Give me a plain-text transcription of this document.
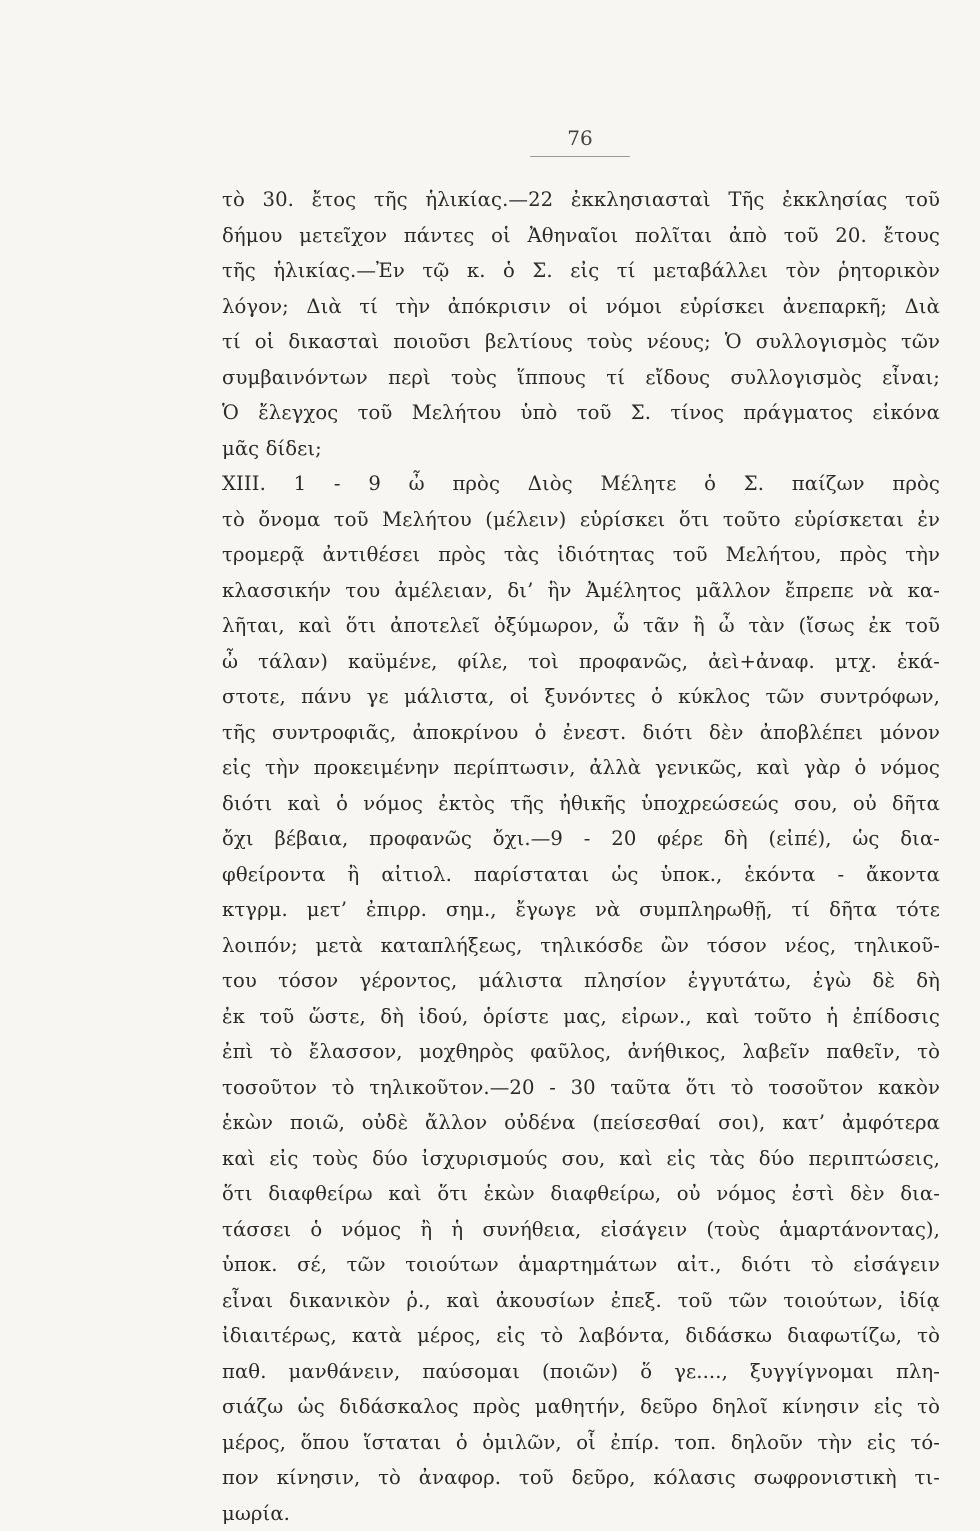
76
τὸ 30. ἔτος τῆς ἡλικίας.—22 ἐκκλησιασταὶ Τῆς ἐκκλησίας τοῦ
δήμου μετεῖχον πάντες οἱ Ἀθηναῖοι πολῖται ἀπὸ τοῦ 20. ἔτους
τῆς ἡλικίας.—Ἐν τῷ κ. ὁ Σ. εἰς τί μεταβάλλει τὸν ῥητορικὸν
λόγον; Διὰ τί τὴν ἀπόκρισιν οἱ νόμοι εὑρίσκει ἀνεπαρκῆ; Διὰ
τί οἱ δικασταὶ ποιοῦσι βελτίους τοὺς νέους; Ὁ συλλογισμὸς τῶν
συμβαινόντων περὶ τοὺς ἵππους τί εἴδους συλλογισμὸς εἶναι;
Ὁ ἔλεγχος τοῦ Μελήτου ὑπὸ τοῦ Σ. τίνος πράγματος εἰκόνα
μᾶς δίδει;
XIII. 1 - 9 ὦ πρὸς Διὸς Μέλητε ὁ Σ. παίζων πρὸς
τὸ ὄνομα τοῦ Μελήτου (μέλειν) εὑρίσκει ὅτι τοῦτο εὑρίσκεται ἐν
τρομερᾷ ἀντιθέσει πρὸς τὰς ἰδιότητας τοῦ Μελήτου, πρὸς τὴν
κλασσικήν του ἀμέλειαν, δι’ ἣν Ἀμέλητος μᾶλλον ἔπρεπε νὰ κα-
λῆται, καὶ ὅτι ἀποτελεῖ ὀξύμωρον, ὦ τᾶν ἢ ὦ τὰν (ἴσως ἐκ τοῦ
ὦ τάλαν) καϋμένε, φίλε, τοὶ προφανῶς, ἀεὶ+ἀναφ. μτχ. ἑκά-
στοτε, πάνυ γε μάλιστα, οἱ ξυνόντες ὁ κύκλος τῶν συντρόφων,
τῆς συντροφιᾶς, ἀποκρίνου ὁ ἐνεστ. διότι δὲν ἀποβλέπει μόνον
εἰς τὴν προκειμένην περίπτωσιν, ἀλλὰ γενικῶς, καὶ γὰρ ὁ νόμος
διότι καὶ ὁ νόμος ἐκτὸς τῆς ἠθικῆς ὑποχρεώσεώς σου, οὐ δῆτα
ὄχι βέβαια, προφανῶς ὄχι.—9 - 20 φέρε δὴ (εἰπέ), ὡς δια-
φθείροντα ἢ αἰτιολ. παρίσταται ὡς ὑποκ., ἑκόντα - ἄκοντα
κτγρμ. μετ’ ἐπιρρ. σημ., ἔγωγε νὰ συμπληρωθῇ, τί δῆτα τότε
λοιπόν; μετὰ καταπλήξεως, τηλικόσδε ὢν τόσον νέος, τηλικοῦ-
του τόσον γέροντος, μάλιστα πλησίον ἐγγυτάτω, ἐγὼ δὲ δὴ
ἐκ τοῦ ὥστε, δὴ ἰδού, ὁρίστε μας, εἰρων., καὶ τοῦτο ἡ ἐπίδοσις
ἐπὶ τὸ ἔλασσον, μοχθηρὸς φαῦλος, ἀνήθικος, λαβεῖν παθεῖν, τὸ
τοσοῦτον τὸ τηλικοῦτον.—20 - 30 ταῦτα ὅτι τὸ τοσοῦτον κακὸν
ἑκὼν ποιῶ, οὐδὲ ἄλλον οὐδένα (πείσεσθαί σοι), κατ’ ἀμφότερα
καὶ εἰς τοὺς δύο ἰσχυρισμούς σου, καὶ εἰς τὰς δύο περιπτώσεις,
ὅτι διαφθείρω καὶ ὅτι ἑκὼν διαφθείρω, οὐ νόμος ἐστὶ δὲν δια-
τάσσει ὁ νόμος ἢ ἡ συνήθεια, εἰσάγειν (τοὺς ἁμαρτάνοντας),
ὑποκ. σέ, τῶν τοιούτων ἁμαρτημάτων αἰτ., διότι τὸ εἰσάγειν
εἶναι δικανικὸν ῥ., καὶ ἀκουσίων ἐπεξ. τοῦ τῶν τοιούτων, ἰδίᾳ
ἰδιαιτέρως, κατὰ μέρος, εἰς τὸ λαβόντα, διδάσκω διαφωτίζω, τὸ
παθ. μανθάνειν, παύσομαι (ποιῶν) ὅ γε...., ξυγγίγνομαι πλη-
σιάζω ὡς διδάσκαλος πρὸς μαθητήν, δεῦρο δηλοῖ κίνησιν εἰς τὸ
μέρος, ὅπου ἵσταται ὁ ὁμιλῶν, οἷ ἐπίρ. τοπ. δηλοῦν τὴν εἰς τό-
πον κίνησιν, τὸ ἀναφορ. τοῦ δεῦρο, κόλασις σωφρονιστικὴ τι-
μωρία.
